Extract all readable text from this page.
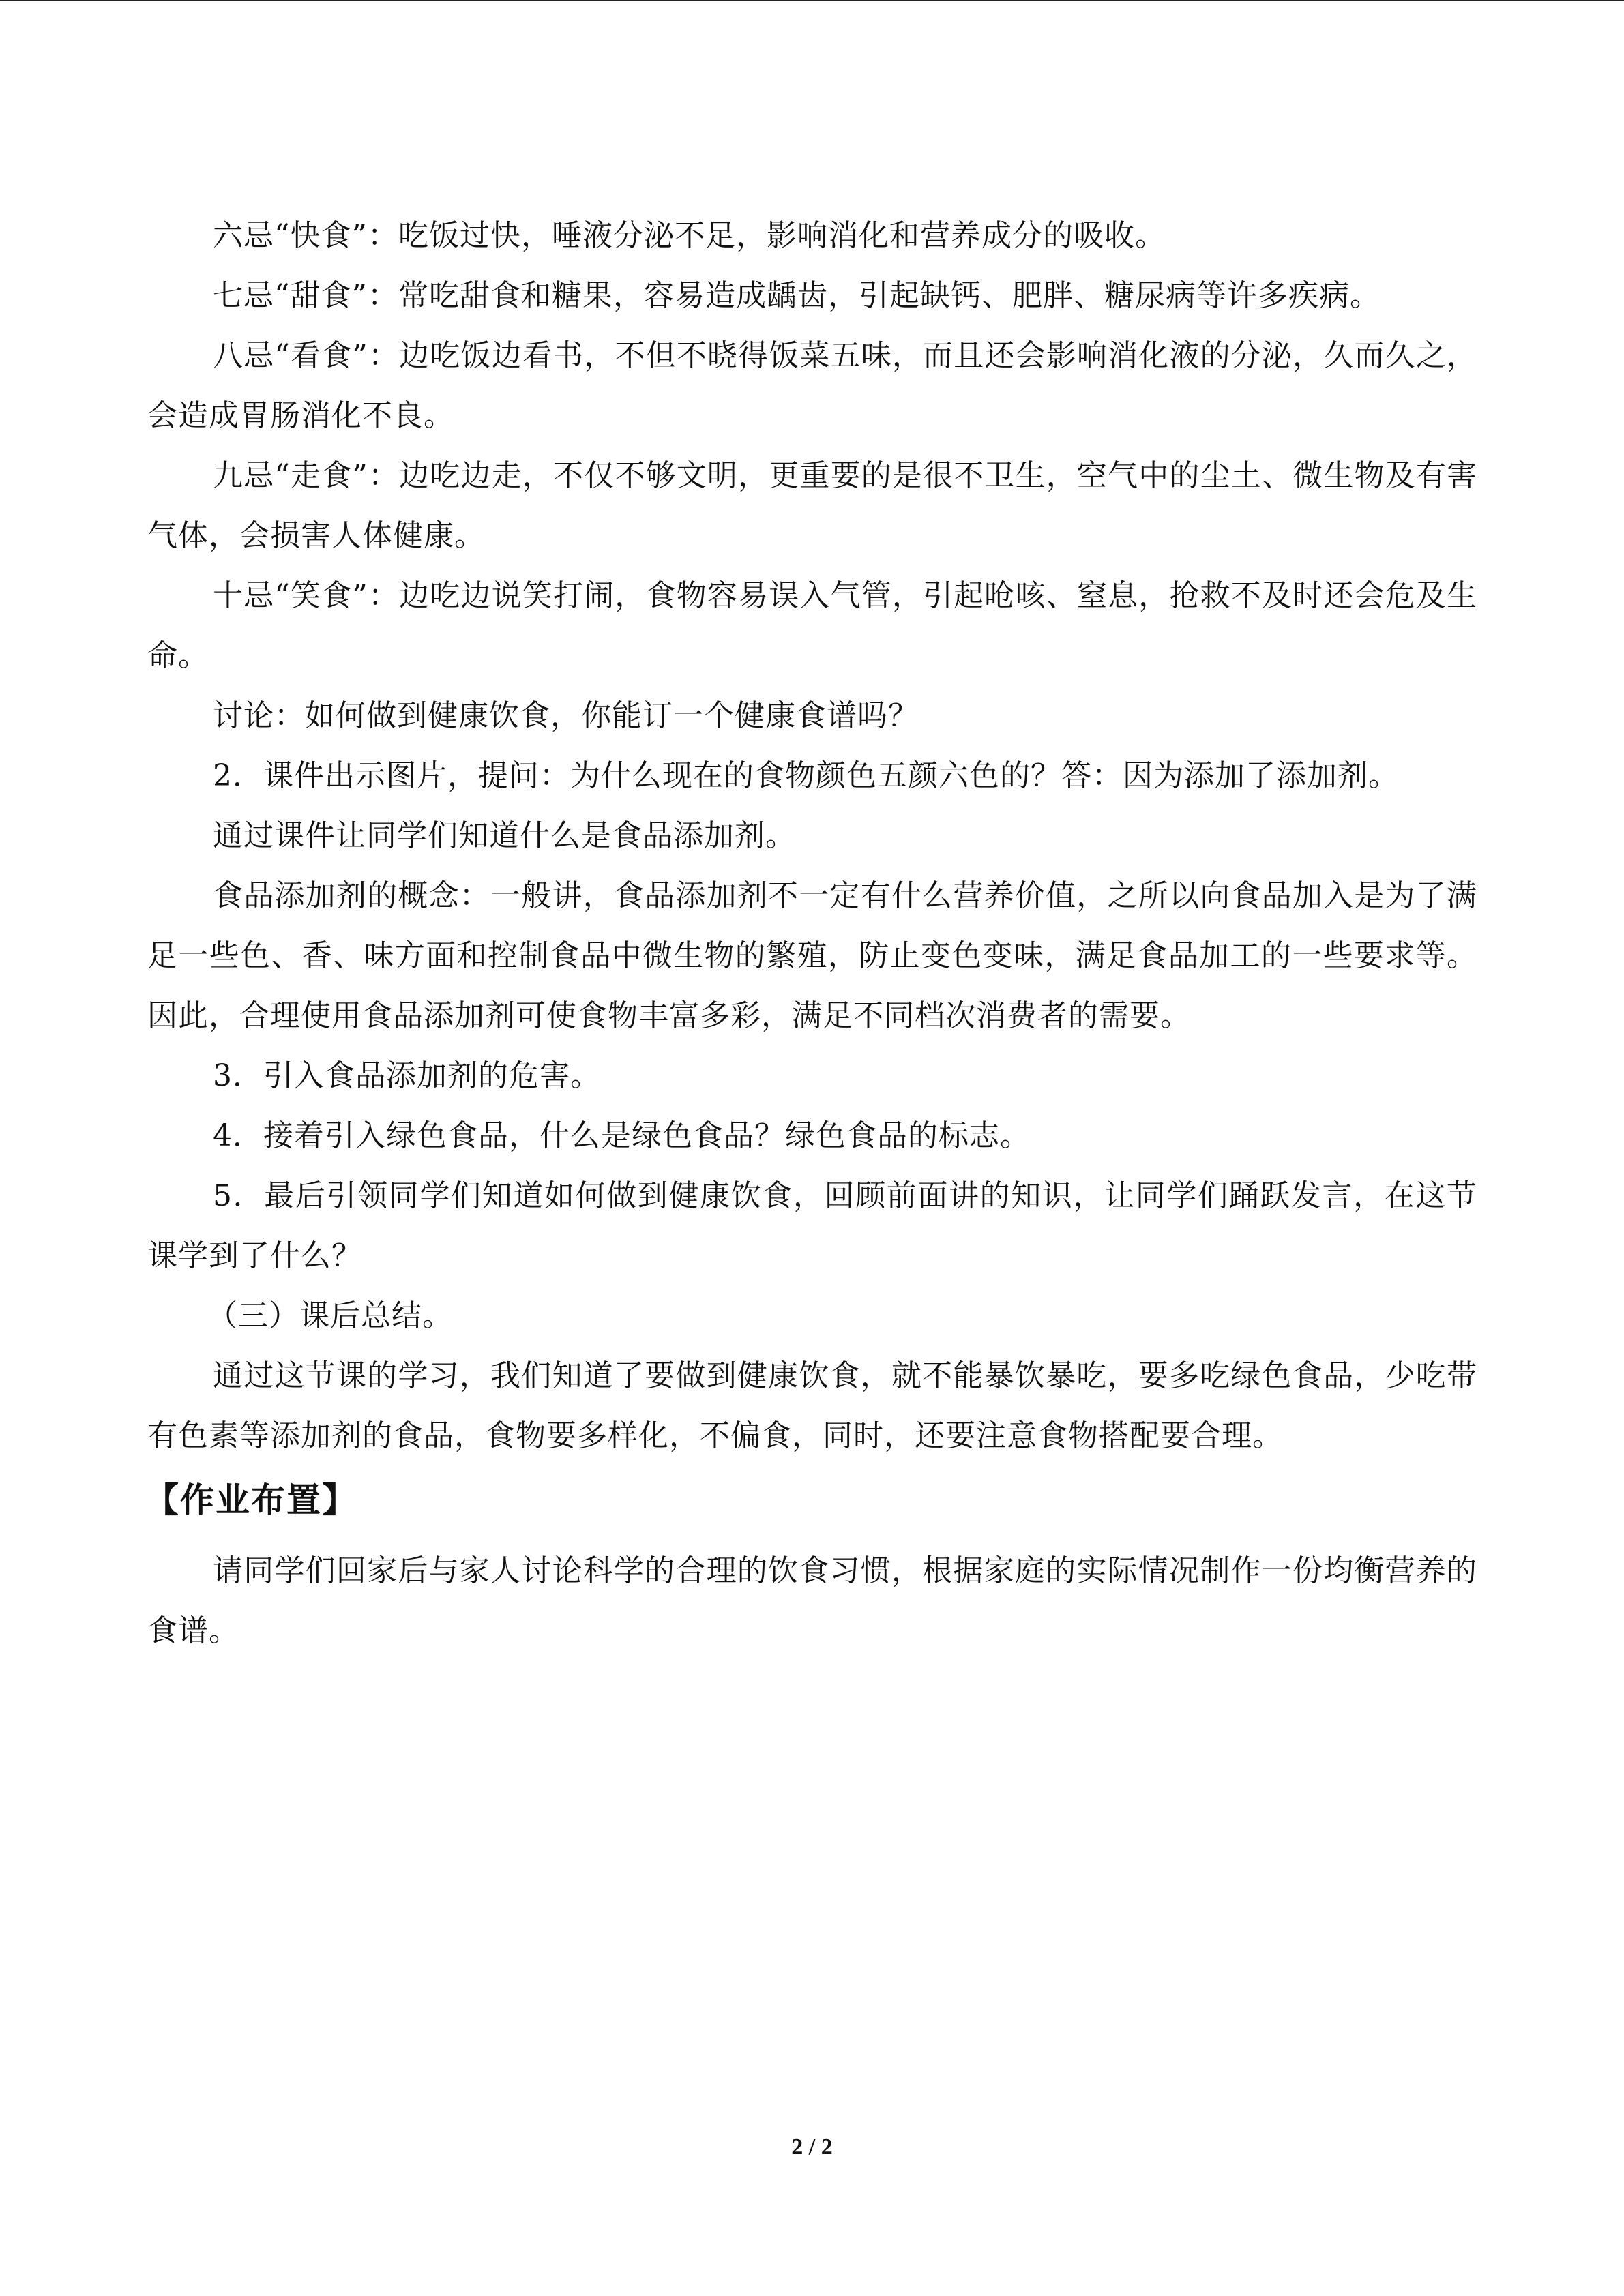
六忌“快食”：吃饭过快，唾液分泌不足，影响消化和营养成分的吸收。

七忌“甜食”：常吃甜食和糖果，容易造成龋齿，引起缺钙、肥胖、糖尿病等许多疾病。

八忌“看食”：边吃饭边看书，不但不晓得饭菜五味，而且还会影响消化液的分泌，久而久之，会造成胃肠消化不良。

九忌“走食”：边吃边走，不仅不够文明，更重要的是很不卫生，空气中的尘土、微生物及有害气体，会损害人体健康。

十忌“笑食”：边吃边说笑打闹，食物容易误入气管，引起呛咳、窒息，抢救不及时还会危及生命。

讨论：如何做到健康饮食，你能订一个健康食谱吗？

2．课件出示图片，提问：为什么现在的食物颜色五颜六色的？答：因为添加了添加剂。

通过课件让同学们知道什么是食品添加剂。

食品添加剂的概念：一般讲，食品添加剂不一定有什么营养价值，之所以向食品加入是为了满足一些色、香、味方面和控制食品中微生物的繁殖，防止变色变味，满足食品加工的一些要求等。因此，合理使用食品添加剂可使食物丰富多彩，满足不同档次消费者的需要。

3．引入食品添加剂的危害。

4．接着引入绿色食品，什么是绿色食品？绿色食品的标志。

5．最后引领同学们知道如何做到健康饮食，回顾前面讲的知识，让同学们踊跃发言，在这节课学到了什么？

（三）课后总结。

通过这节课的学习，我们知道了要做到健康饮食，就不能暴饮暴吃，要多吃绿色食品，少吃带有色素等添加剂的食品，食物要多样化，不偏食，同时，还要注意食物搭配要合理。

【作业布置】

请同学们回家后与家人讨论科学的合理的饮食习惯，根据家庭的实际情况制作一份均衡营养的食谱。

2 / 2
